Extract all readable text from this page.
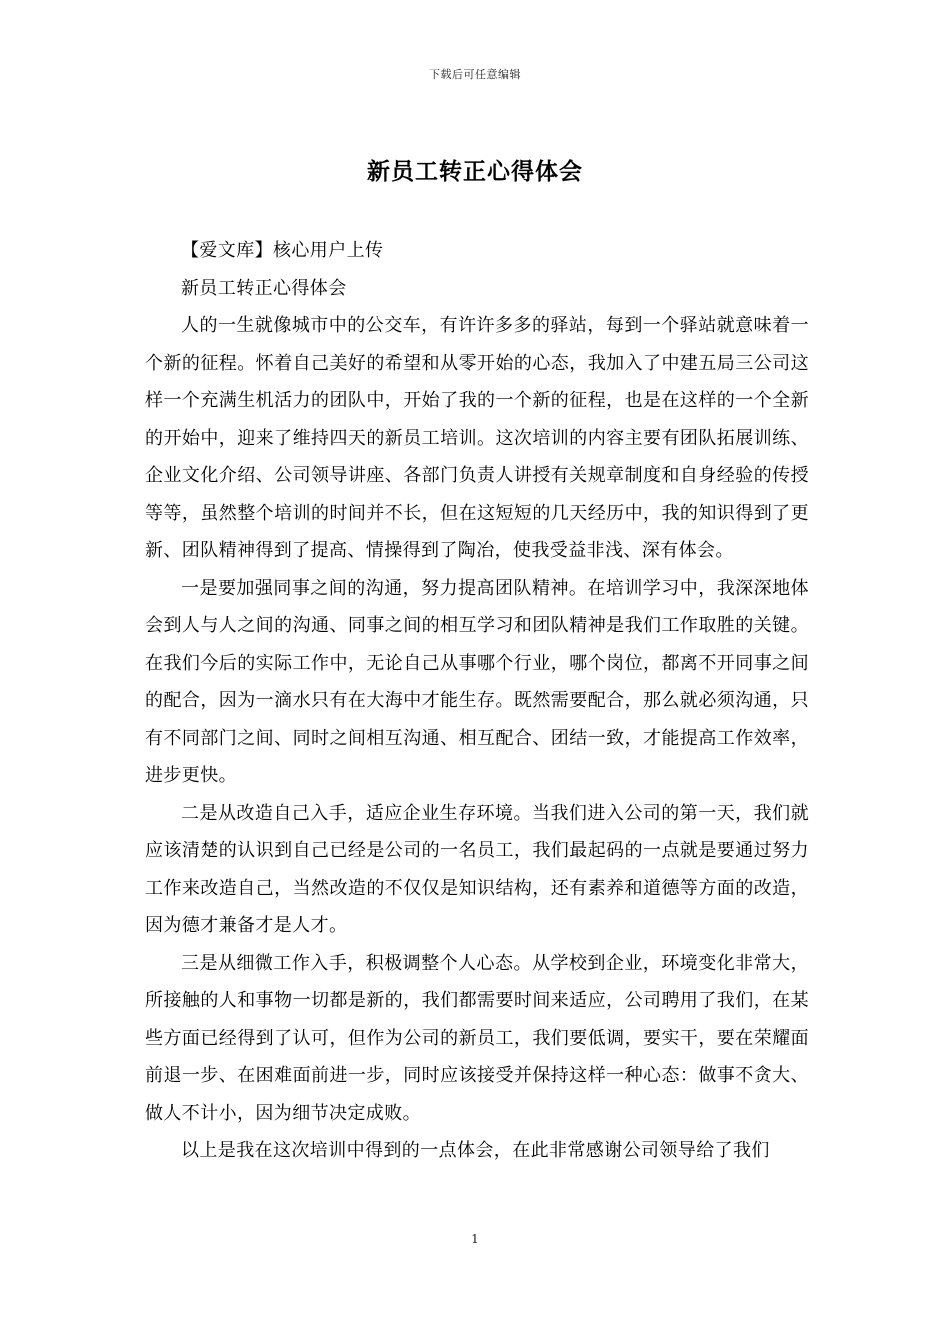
下载后可任意编辑
新员工转正心得体会

【爱文库】核心用户上传

新员工转正心得体会

人的一生就像城市中的公交车，有许许多多的驿站，每到一个驿站就意味着一个新的征程。怀着自己美好的希望和从零开始的心态，我加入了中建五局三公司这样一个充满生机活力的团队中，开始了我的一个新的征程，也是在这样的一个全新的开始中，迎来了维持四天的新员工培训。这次培训的内容主要有团队拓展训练、企业文化介绍、公司领导讲座、各部门负责人讲授有关规章制度和自身经验的传授等等，虽然整个培训的时间并不长，但在这短短的几天经历中，我的知识得到了更新、团队精神得到了提高、情操得到了陶冶，使我受益非浅、深有体会。

一是要加强同事之间的沟通，努力提高团队精神。在培训学习中，我深深地体会到人与人之间的沟通、同事之间的相互学习和团队精神是我们工作取胜的关键。在我们今后的实际工作中，无论自己从事哪个行业，哪个岗位，都离不开同事之间的配合，因为一滴水只有在大海中才能生存。既然需要配合，那么就必须沟通，只有不同部门之间、同时之间相互沟通、相互配合、团结一致，才能提高工作效率，进步更快。

二是从改造自己入手，适应企业生存环境。当我们进入公司的第一天，我们就应该清楚的认识到自己已经是公司的一名员工，我们最起码的一点就是要通过努力工作来改造自己，当然改造的不仅仅是知识结构，还有素养和道德等方面的改造，因为德才兼备才是人才。

三是从细微工作入手，积极调整个人心态。从学校到企业，环境变化非常大，所接触的人和事物一切都是新的，我们都需要时间来适应，公司聘用了我们，在某些方面已经得到了认可，但作为公司的新员工，我们要低调，要实干，要在荣耀面前退一步、在困难面前进一步，同时应该接受并保持这样一种心态：做事不贪大、做人不计小，因为细节决定成败。

以上是我在这次培训中得到的一点体会，在此非常感谢公司领导给了我们

1
